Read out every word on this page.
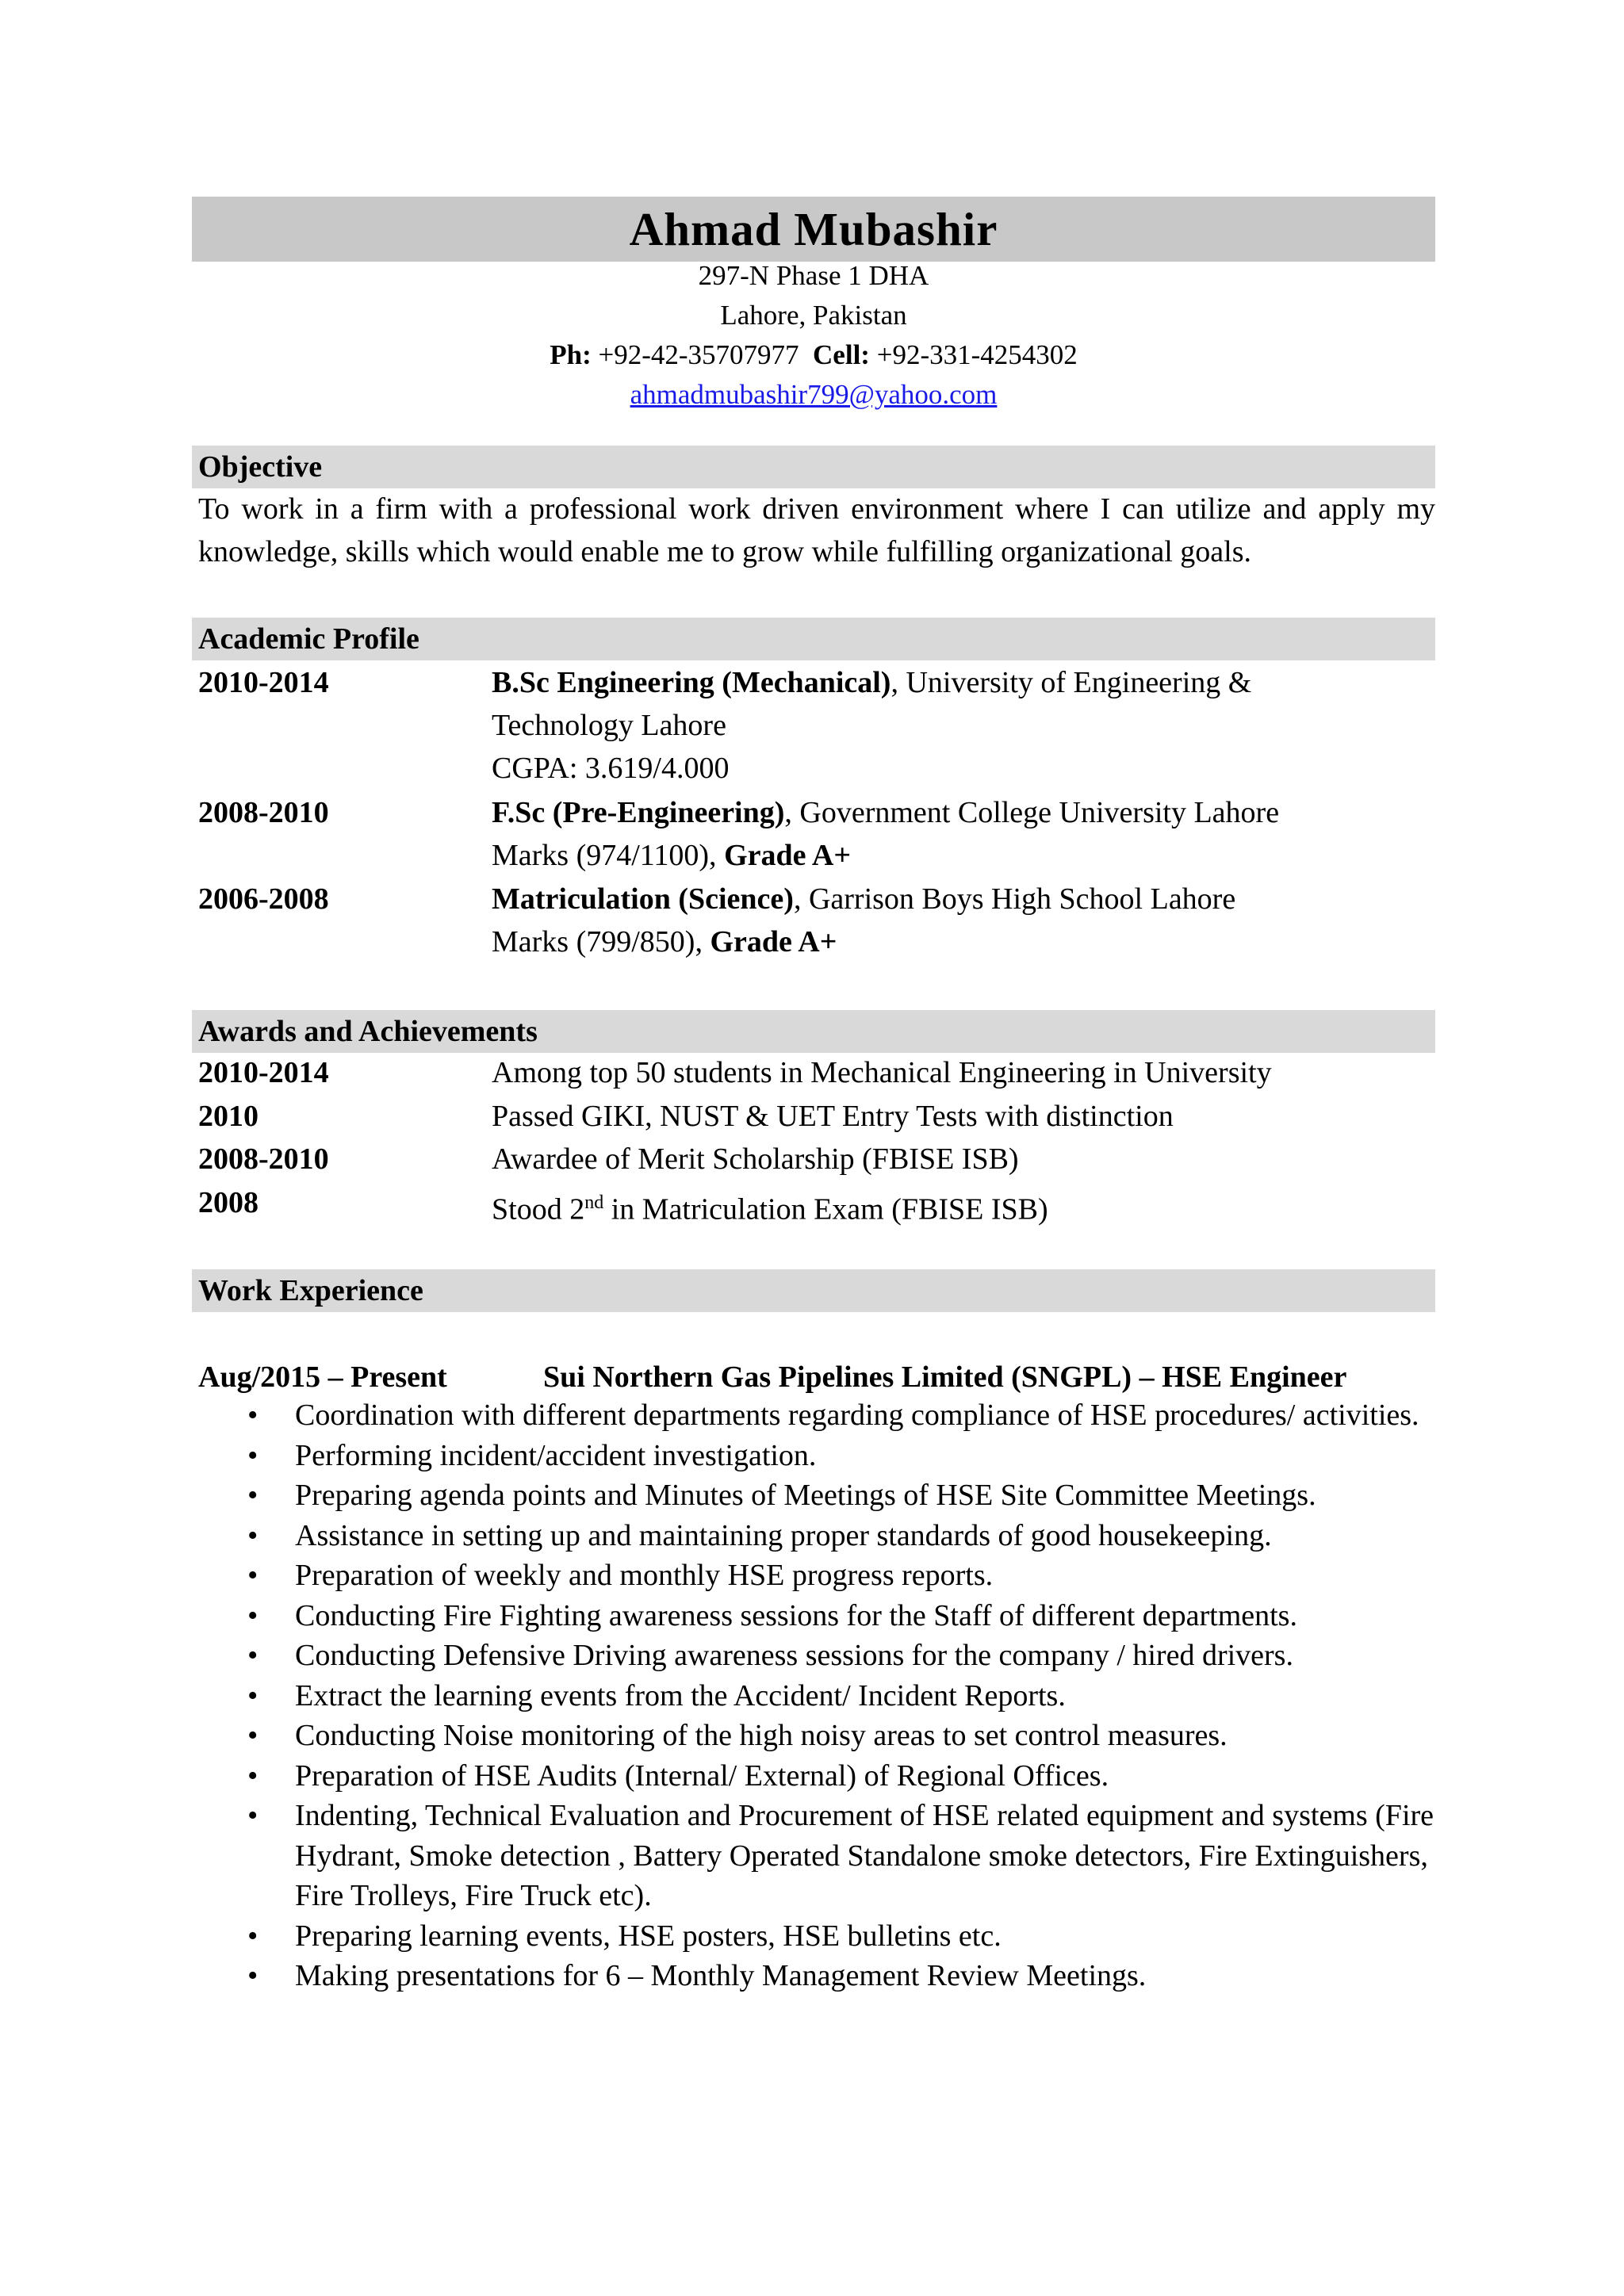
Ahmad Mubashir
297-N Phase 1 DHA
Lahore, Pakistan
Ph: +92-42-35707977 Cell: +92-331-4254302
ahmadmubashir799@yahoo.com
Objective
To work in a firm with a professional work driven environment where I can utilize and apply my knowledge, skills which would enable me to grow while fulfilling organizational goals.
Academic Profile
2010-2014	B.Sc Engineering (Mechanical), University of Engineering &
Technology Lahore
CGPA: 3.619/4.000
2008-2010	F.Sc (Pre-Engineering), Government College University Lahore
Marks (974/1100), Grade A+
2006-2008	Matriculation (Science), Garrison Boys High School Lahore
Marks (799/850), Grade A+
Awards and Achievements
2010-2014	Among top 50 students in Mechanical Engineering in University
2010	Passed GIKI, NUST & UET Entry Tests with distinction
2008-2010	Awardee of Merit Scholarship (FBISE ISB)
2008	Stood 2nd in Matriculation Exam (FBISE ISB)
Work Experience
Aug/2015 – Present	Sui Northern Gas Pipelines Limited (SNGPL) – HSE Engineer
• Coordination with different departments regarding compliance of HSE procedures/ activities.
• Performing incident/accident investigation.
• Preparing agenda points and Minutes of Meetings of HSE Site Committee Meetings.
• Assistance in setting up and maintaining proper standards of good housekeeping.
• Preparation of weekly and monthly HSE progress reports.
• Conducting Fire Fighting awareness sessions for the Staff of different departments.
• Conducting Defensive Driving awareness sessions for the company / hired drivers.
• Extract the learning events from the Accident/ Incident Reports.
• Conducting Noise monitoring of the high noisy areas to set control measures.
• Preparation of HSE Audits (Internal/ External) of Regional Offices.
• Indenting, Technical Evaluation and Procurement of HSE related equipment and systems (Fire Hydrant, Smoke detection , Battery Operated Standalone smoke detectors, Fire Extinguishers, Fire Trolleys, Fire Truck etc).
• Preparing learning events, HSE posters, HSE bulletins etc.
• Making presentations for 6 – Monthly Management Review Meetings.
